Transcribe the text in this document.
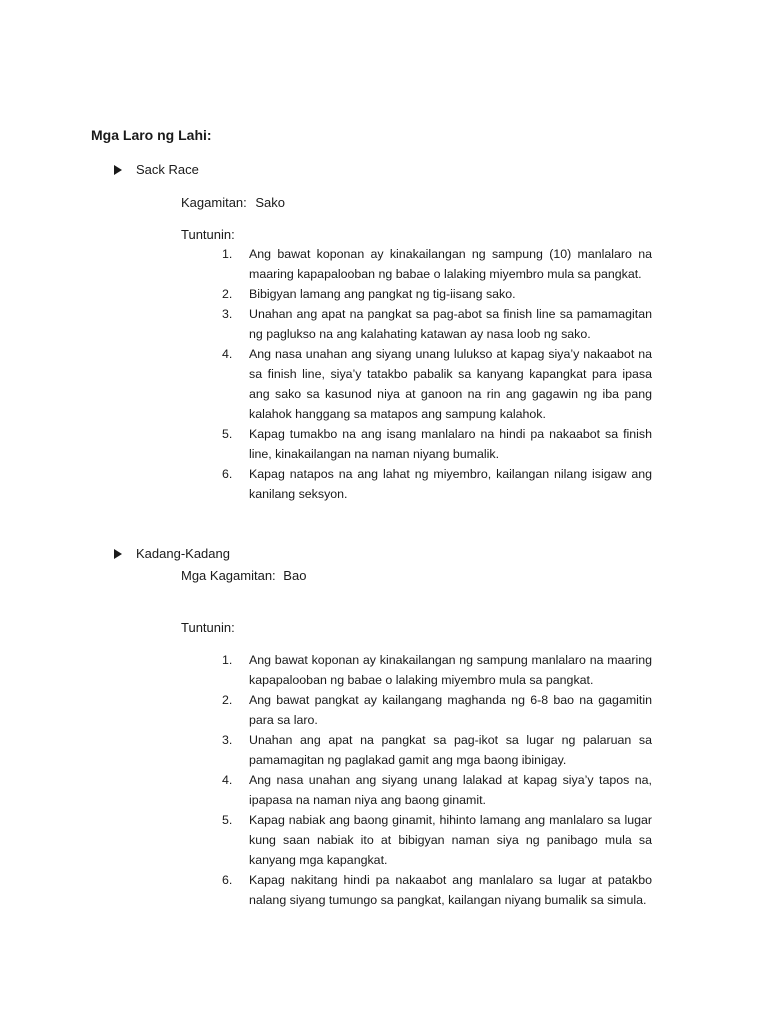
Mga Laro ng Lahi:
Sack Race
Kagamitan: Sako
Tuntunin:
1.	Ang bawat koponan ay kinakailangan ng sampung (10) manlalaro na maaring kapapalooban ng babae o lalaking miyembro mula sa pangkat.
2.	Bibigyan lamang ang pangkat ng tig-iisang sako.
3.	Unahan ang apat na pangkat sa pag-abot sa finish line sa pamamagitan ng paglukso na ang kalahating katawan ay nasa loob ng sako.
4.	Ang nasa unahan ang siyang unang lulukso at kapag siya’y nakaabot na sa finish line, siya’y tatakbo pabalik sa kanyang kapangkat para ipasa ang sako sa kasunod niya at ganoon na rin ang gagawin ng iba pang kalahok hanggang sa matapos ang sampung kalahok.
5.	Kapag tumakbo na ang isang manlalaro na hindi pa nakaabot sa finish line, kinakailangan na naman niyang bumalik.
6.	Kapag natapos na ang lahat ng miyembro, kailangan nilang isigaw ang kanilang seksyon.
Kadang-Kadang
Mga Kagamitan: Bao
Tuntunin:
1.	Ang bawat koponan ay kinakailangan ng sampung manlalaro na maaring kapapalooban ng babae o lalaking miyembro mula sa pangkat.
2.	Ang bawat pangkat ay kailangang maghanda ng 6-8 bao na gagamitin para sa laro.
3.	Unahan ang apat na pangkat sa pag-ikot sa lugar ng palaruan sa pamamagitan ng paglakad gamit ang mga baong ibinigay.
4.	Ang nasa unahan ang siyang unang lalakad at kapag siya’y tapos na, ipapasa na naman niya ang baong ginamit.
5.	Kapag nabiak ang baong ginamit, hihinto lamang ang manlalaro sa lugar kung saan nabiak ito at bibigyan naman siya ng panibago mula sa kanyang mga kapangkat.
6.	Kapag nakitang hindi pa nakaabot ang manlalaro sa lugar at patakbo nalang siyang tumungo sa pangkat, kailangan niyang bumalik sa simula.
